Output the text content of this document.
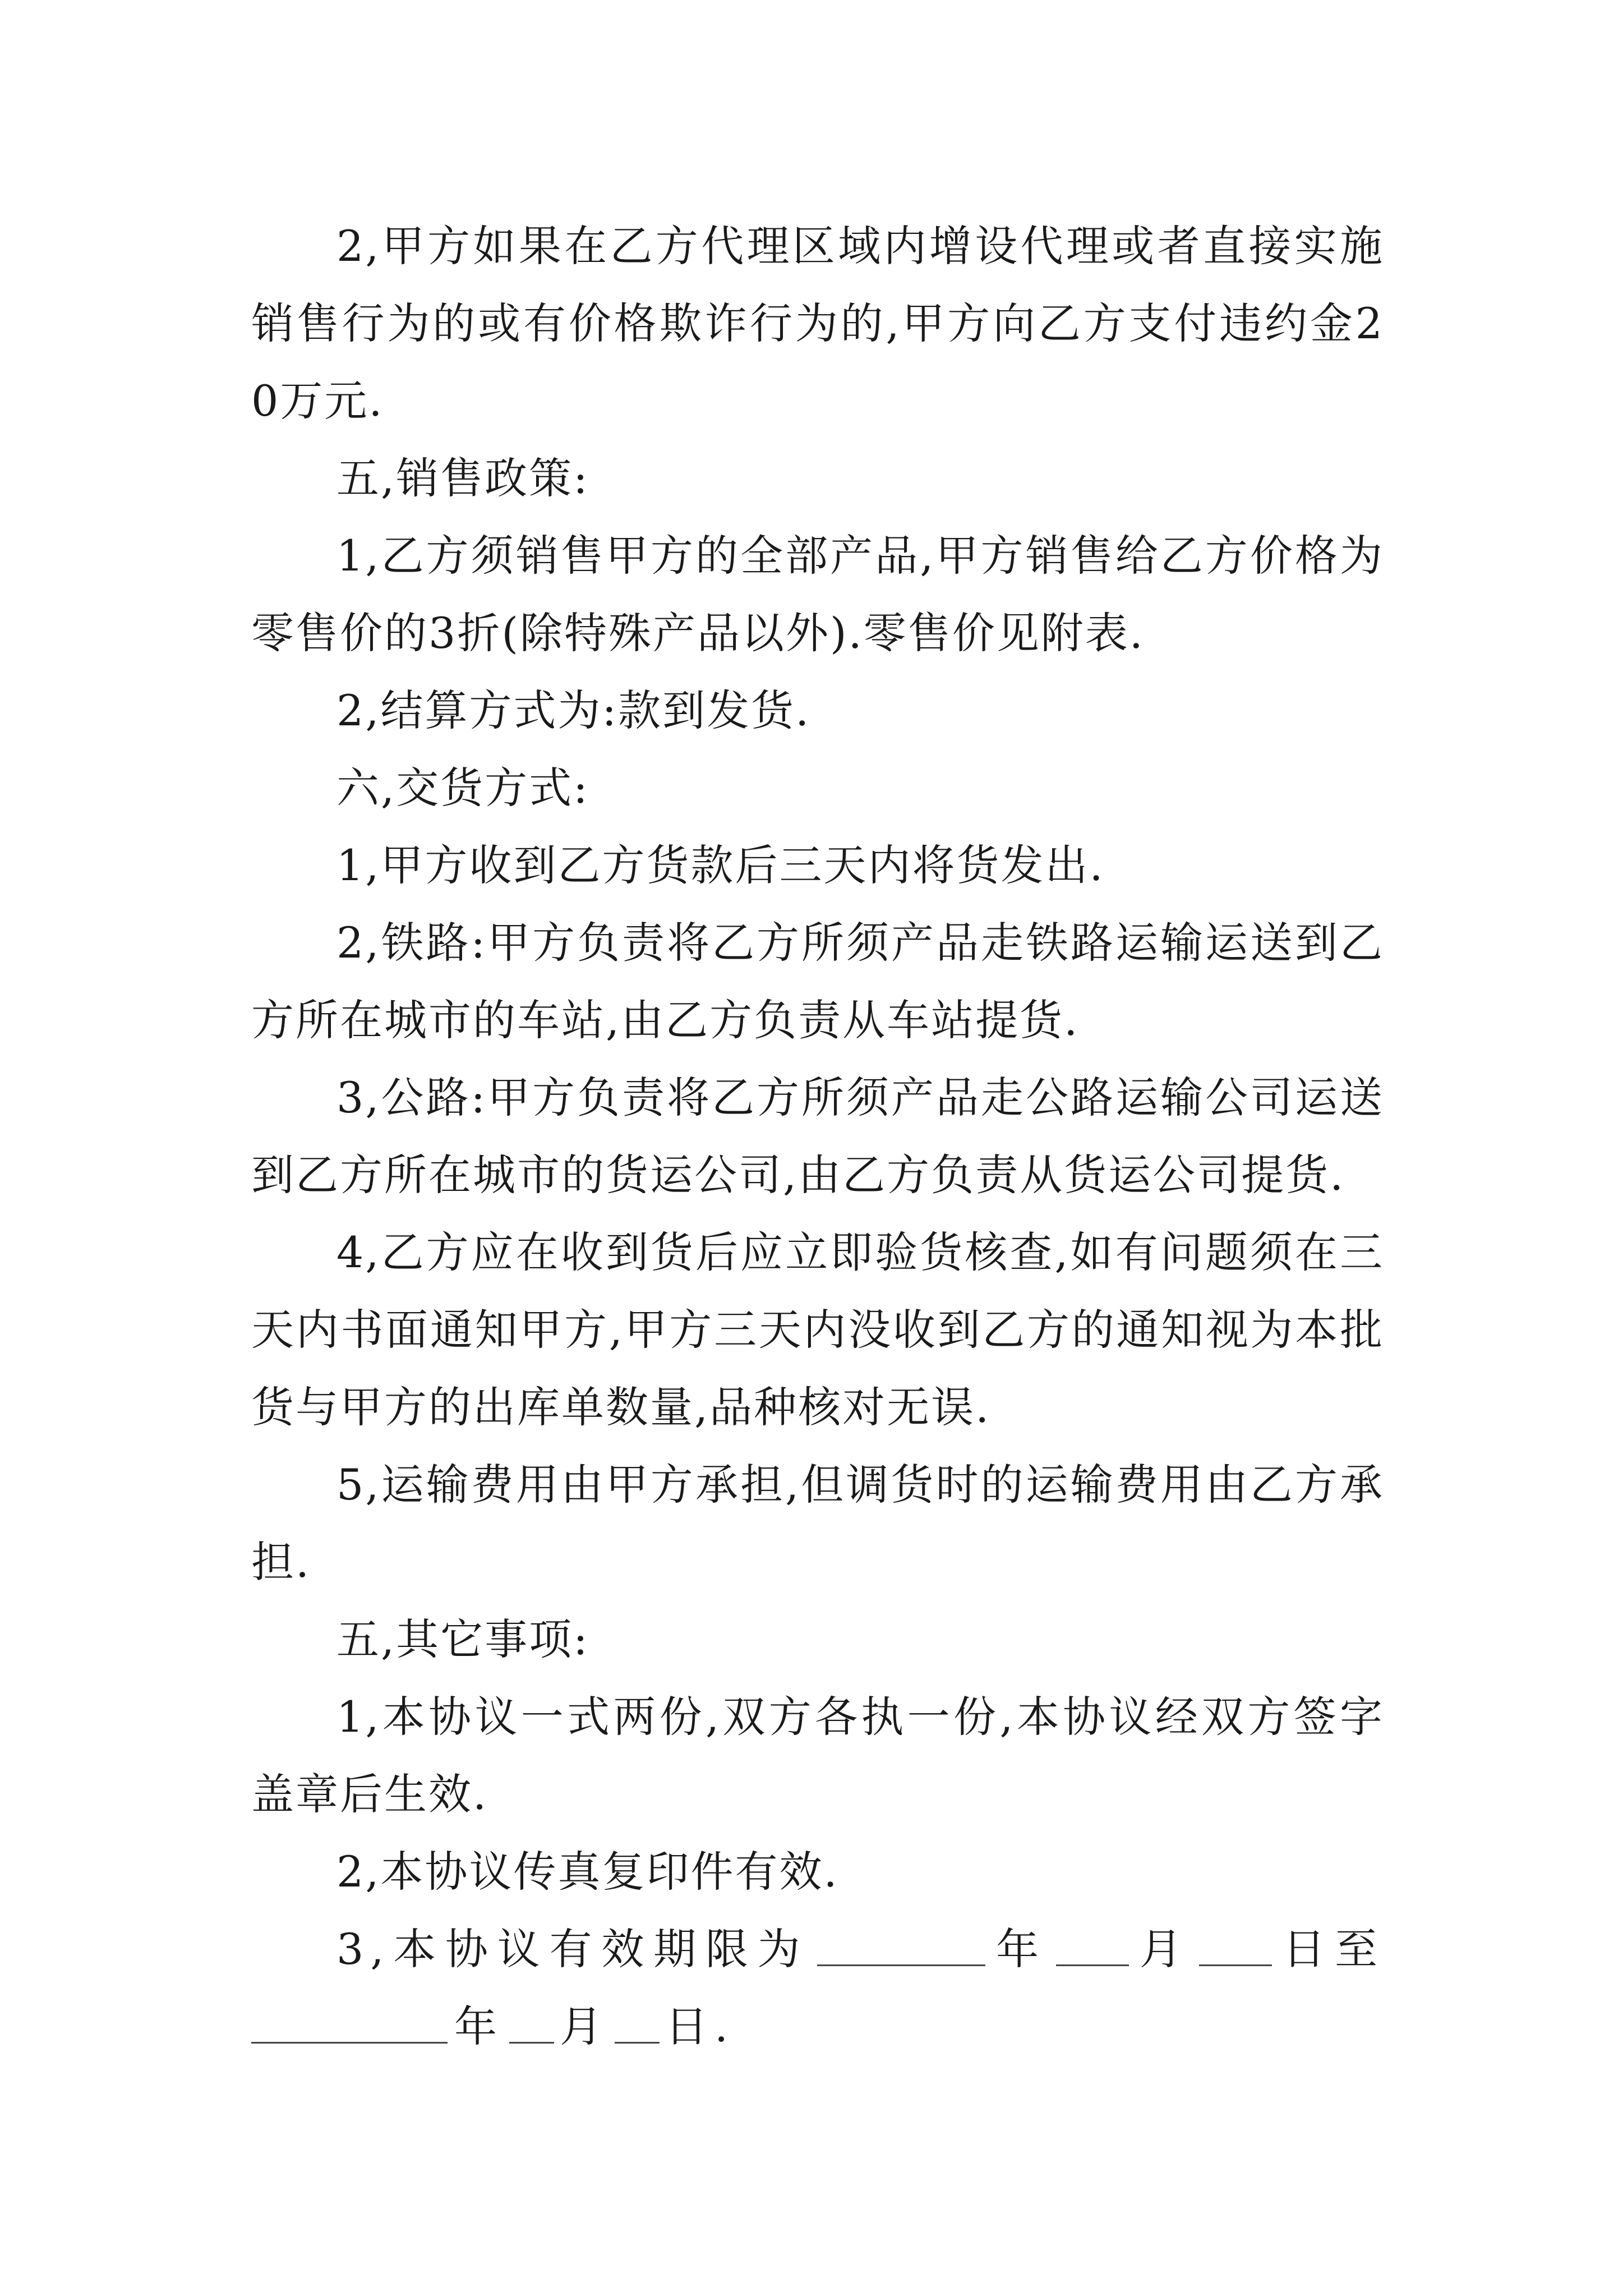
2,甲方如果在乙方代理区域内增设代理或者直接实施销售行为的或有价格欺诈行为的,甲方向乙方支付违约金20万元.

五,销售政策:

1,乙方须销售甲方的全部产品,甲方销售给乙方价格为零售价的3折(除特殊产品以外).零售价见附表.

2,结算方式为:款到发货.

六,交货方式:

1,甲方收到乙方货款后三天内将货发出.

2,铁路:甲方负责将乙方所须产品走铁路运输运送到乙方所在城市的车站,由乙方负责从车站提货.

3,公路:甲方负责将乙方所须产品走公路运输公司运送到乙方所在城市的货运公司,由乙方负责从货运公司提货.

4,乙方应在收到货后应立即验货核查,如有问题须在三天内书面通知甲方,甲方三天内没收到乙方的通知视为本批货与甲方的出库单数量,品种核对无误.

5,运输费用由甲方承担,但调货时的运输费用由乙方承担.

五,其它事项:

1,本协议一式两份,双方各执一份,本协议经双方签字盖章后生效.

2,本协议传真复印件有效.

3,本协议有效期限为	年 月 日至年 月 日.
